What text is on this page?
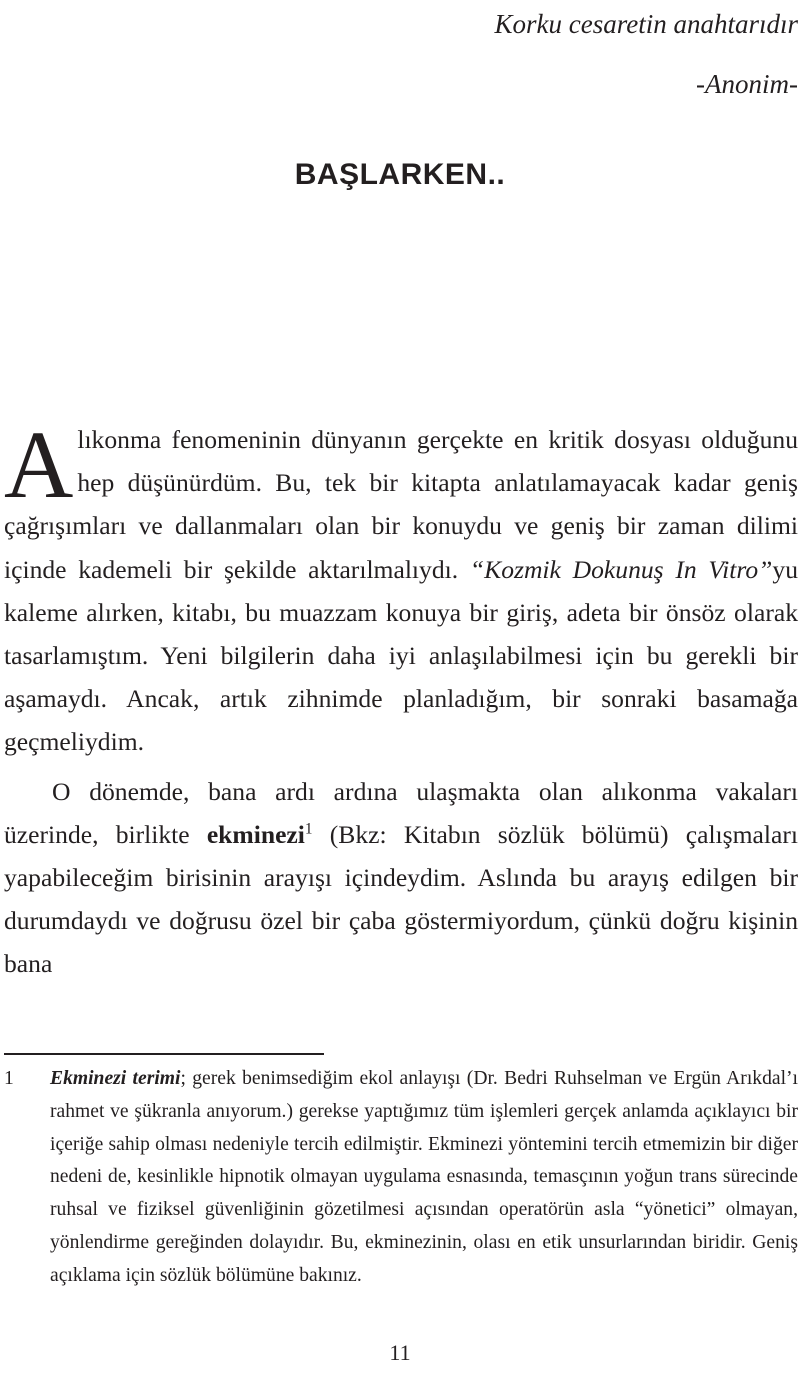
Korku cesaretin anahtarıdır
-Anonim-
BAŞLARKEN..

Alıkonma fenomeninin dünyanın gerçekte en kritik dosyası olduğunu hep düşünürdüm. Bu, tek bir kitapta anlatılamayacak kadar geniş çağrışımları ve dallanmaları olan bir konuydu ve geniş bir zaman dilimi içinde kademeli bir şekilde aktarılmalıydı. “Kozmik Dokunuş In Vitro”yu kaleme alırken, kitabı, bu muazzam konuya bir giriş, adeta bir önsöz olarak tasarlamıştım. Yeni bilgilerin daha iyi anlaşılabilmesi için bu gerekli bir aşamaydı. Ancak, artık zihnimde planladığım, bir sonraki basamağa geçmeliydim.

O dönemde, bana ardı ardına ulaşmakta olan alıkonma vakaları üzerinde, birlikte ekminezi$^1$ (Bkz: Kitabın sözlük bölümü) çalışmaları yapabileceğim birisinin arayışı içindeydim. Aslında bu arayış edilgen bir durumdaydı ve doğrusu özel bir çaba göstermiyordum, çünkü doğru kişinin bana

1 Ekminezi terimi; gerek benimsediğim ekol anlayışı (Dr. Bedri Ruhselman ve Ergün Arıkdal’ı rahmet ve şükranla anıyorum.) gerekse yaptığımız tüm işlemleri gerçek anlamda açıklayıcı bir içeriğe sahip olması nedeniyle tercih edilmiştir. Ekminezi yöntemini tercih etmemizin bir diğer nedeni de, kesinlikle hipnotik olmayan uygulama esnasında, temasçının yoğun trans sürecinde ruhsal ve fiziksel güvenliğinin gözetilmesi açısından operatörün asla “yönetici” olmayan, yönlendirme gereğinden dolayıdır. Bu, ekminezinin, olası en etik unsurlarından biridir. Geniş açıklama için sözlük bölümüne bakınız.
11
